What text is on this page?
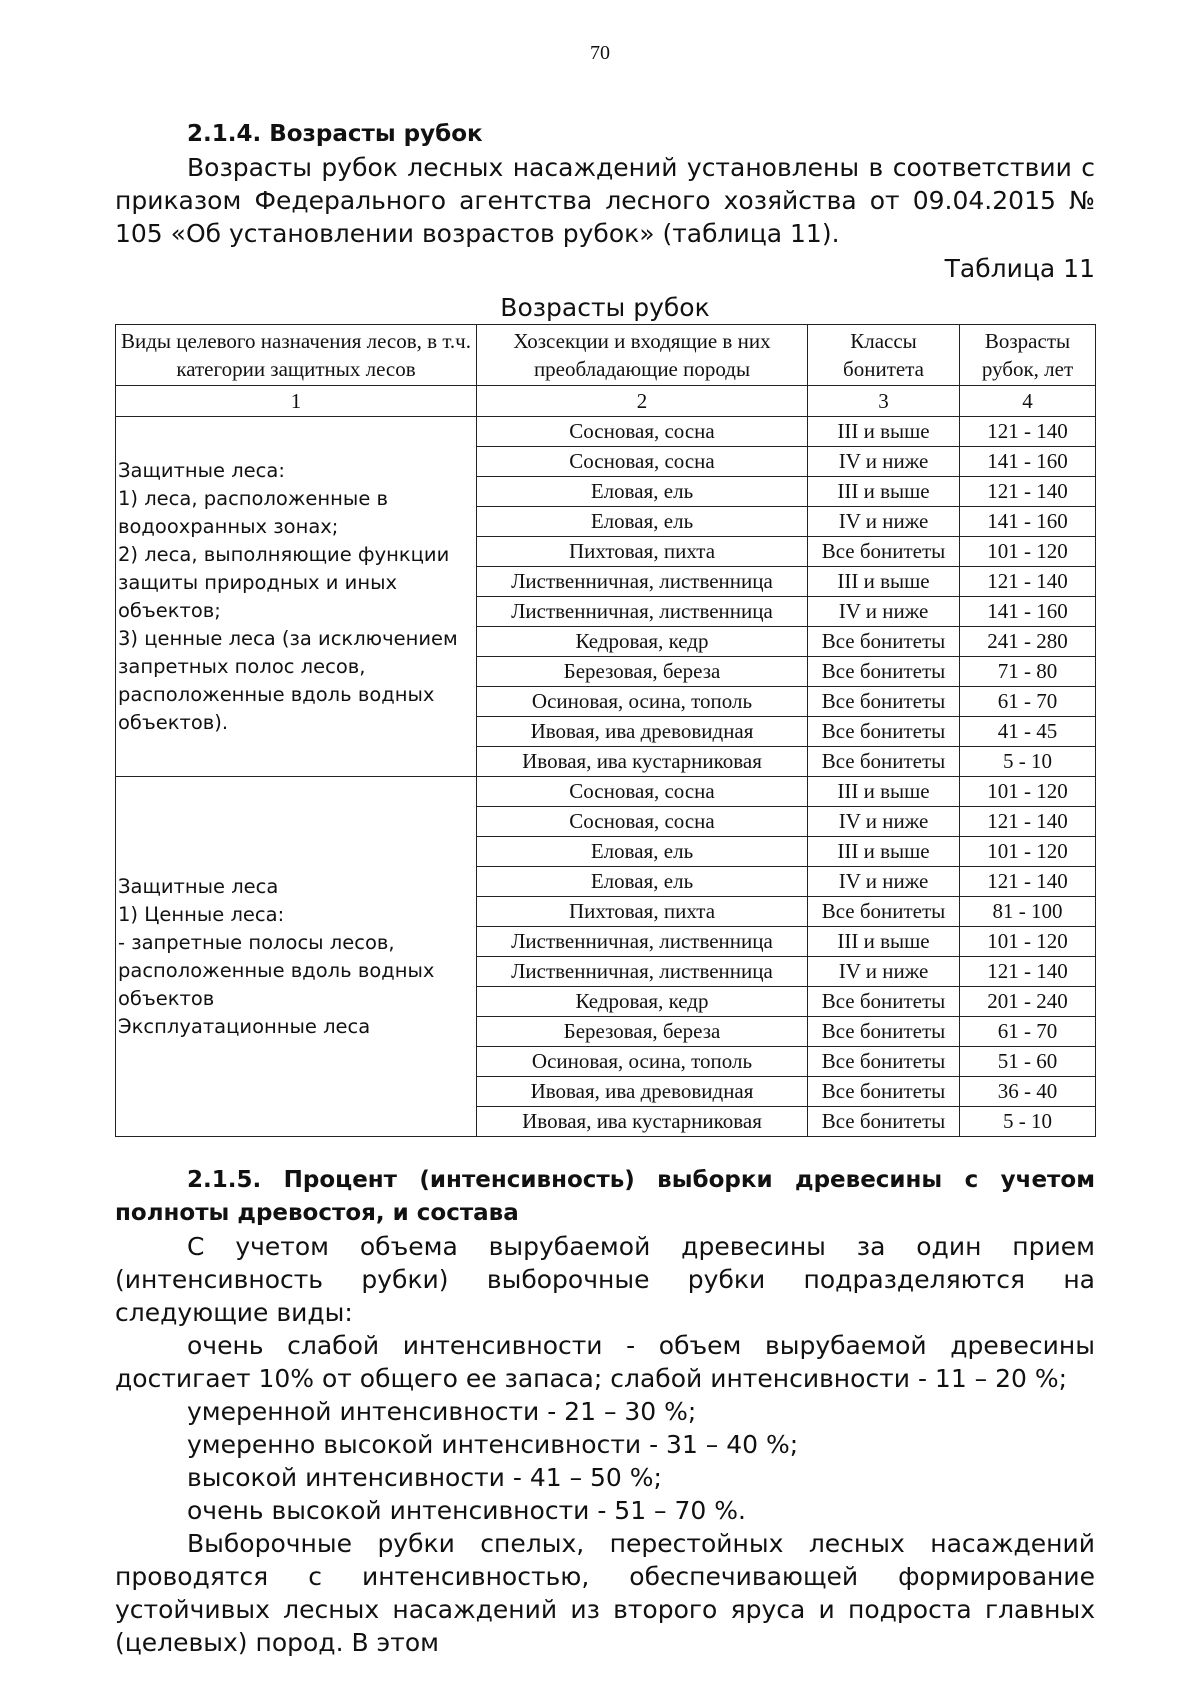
70
2.1.4. Возрасты рубок

Возрасты рубок лесных насаждений установлены в соответствии с приказом Федерального агентства лесного хозяйства от 09.04.2015 № 105 «Об установлении возрастов рубок» (таблица 11).

Таблица 11

Возрасты рубок
Виды целевого назначения лесов, в т.ч. категории защитных лесов	Хозсекции и входящие в них преобладающие породы	Классы бонитета	Возрасты рубок, лет
1	2	3	4

Защитные леса:
1) леса, расположенные в водоохранных зонах;
2) леса, выполняющие функции защиты природных и иных объектов;
3) ценные леса (за исключением запретных полос лесов, расположенные вдоль водных объектов).	Сосновая, сосна	III и выше	121 - 140
	Сосновая, сосна	IV и ниже	141 - 160
	Еловая, ель	III и выше	121 - 140
	Еловая, ель	IV и ниже	141 - 160
	Пихтовая, пихта	Все бонитеты	101 - 120
	Лиственничная, лиственница	III и выше	121 - 140
	Лиственничная, лиственница	IV и ниже	141 - 160
	Кедровая, кедр	Все бонитеты	241 - 280
	Березовая, береза	Все бонитеты	71 - 80
	Осиновая, осина, тополь	Все бонитеты	61 - 70
	Ивовая, ива древовидная	Все бонитеты	41 - 45
	Ивовая, ива кустарниковая	Все бонитеты	5 - 10

Защитные леса
1) Ценные леса:
- запретные полосы лесов, расположенные вдоль водных объектов
Эксплуатационные леса	Сосновая, сосна	III и выше	101 - 120
	Сосновая, сосна	IV и ниже	121 - 140
	Еловая, ель	III и выше	101 - 120
	Еловая, ель	IV и ниже	121 - 140
	Пихтовая, пихта	Все бонитеты	81 - 100
	Лиственничная, лиственница	III и выше	101 - 120
	Лиственничная, лиственница	IV и ниже	121 - 140
	Кедровая, кедр	Все бонитеты	201 - 240
	Березовая, береза	Все бонитеты	61 - 70
	Осиновая, осина, тополь	Все бонитеты	51 - 60
	Ивовая, ива древовидная	Все бонитеты	36 - 40
	Ивовая, ива кустарниковая	Все бонитеты	5 - 10
2.1.5. Процент (интенсивность) выборки древесины с учетом полноты древостоя, и состава

С учетом объема вырубаемой древесины за один прием (интенсивность рубки) выборочные рубки подразделяются на следующие виды:

очень слабой интенсивности - объем вырубаемой древесины достигает 10% от общего ее запаса; слабой интенсивности - 11 – 20 %;

умеренной интенсивности - 21 – 30 %;

умеренно высокой интенсивности - 31 – 40 %;

высокой интенсивности - 41 – 50 %;

очень высокой интенсивности - 51 – 70 %.

Выборочные рубки спелых, перестойных лесных насаждений проводятся с интенсивностью, обеспечивающей формирование устойчивых лесных насаждений из второго яруса и подроста главных (целевых) пород. В этом
